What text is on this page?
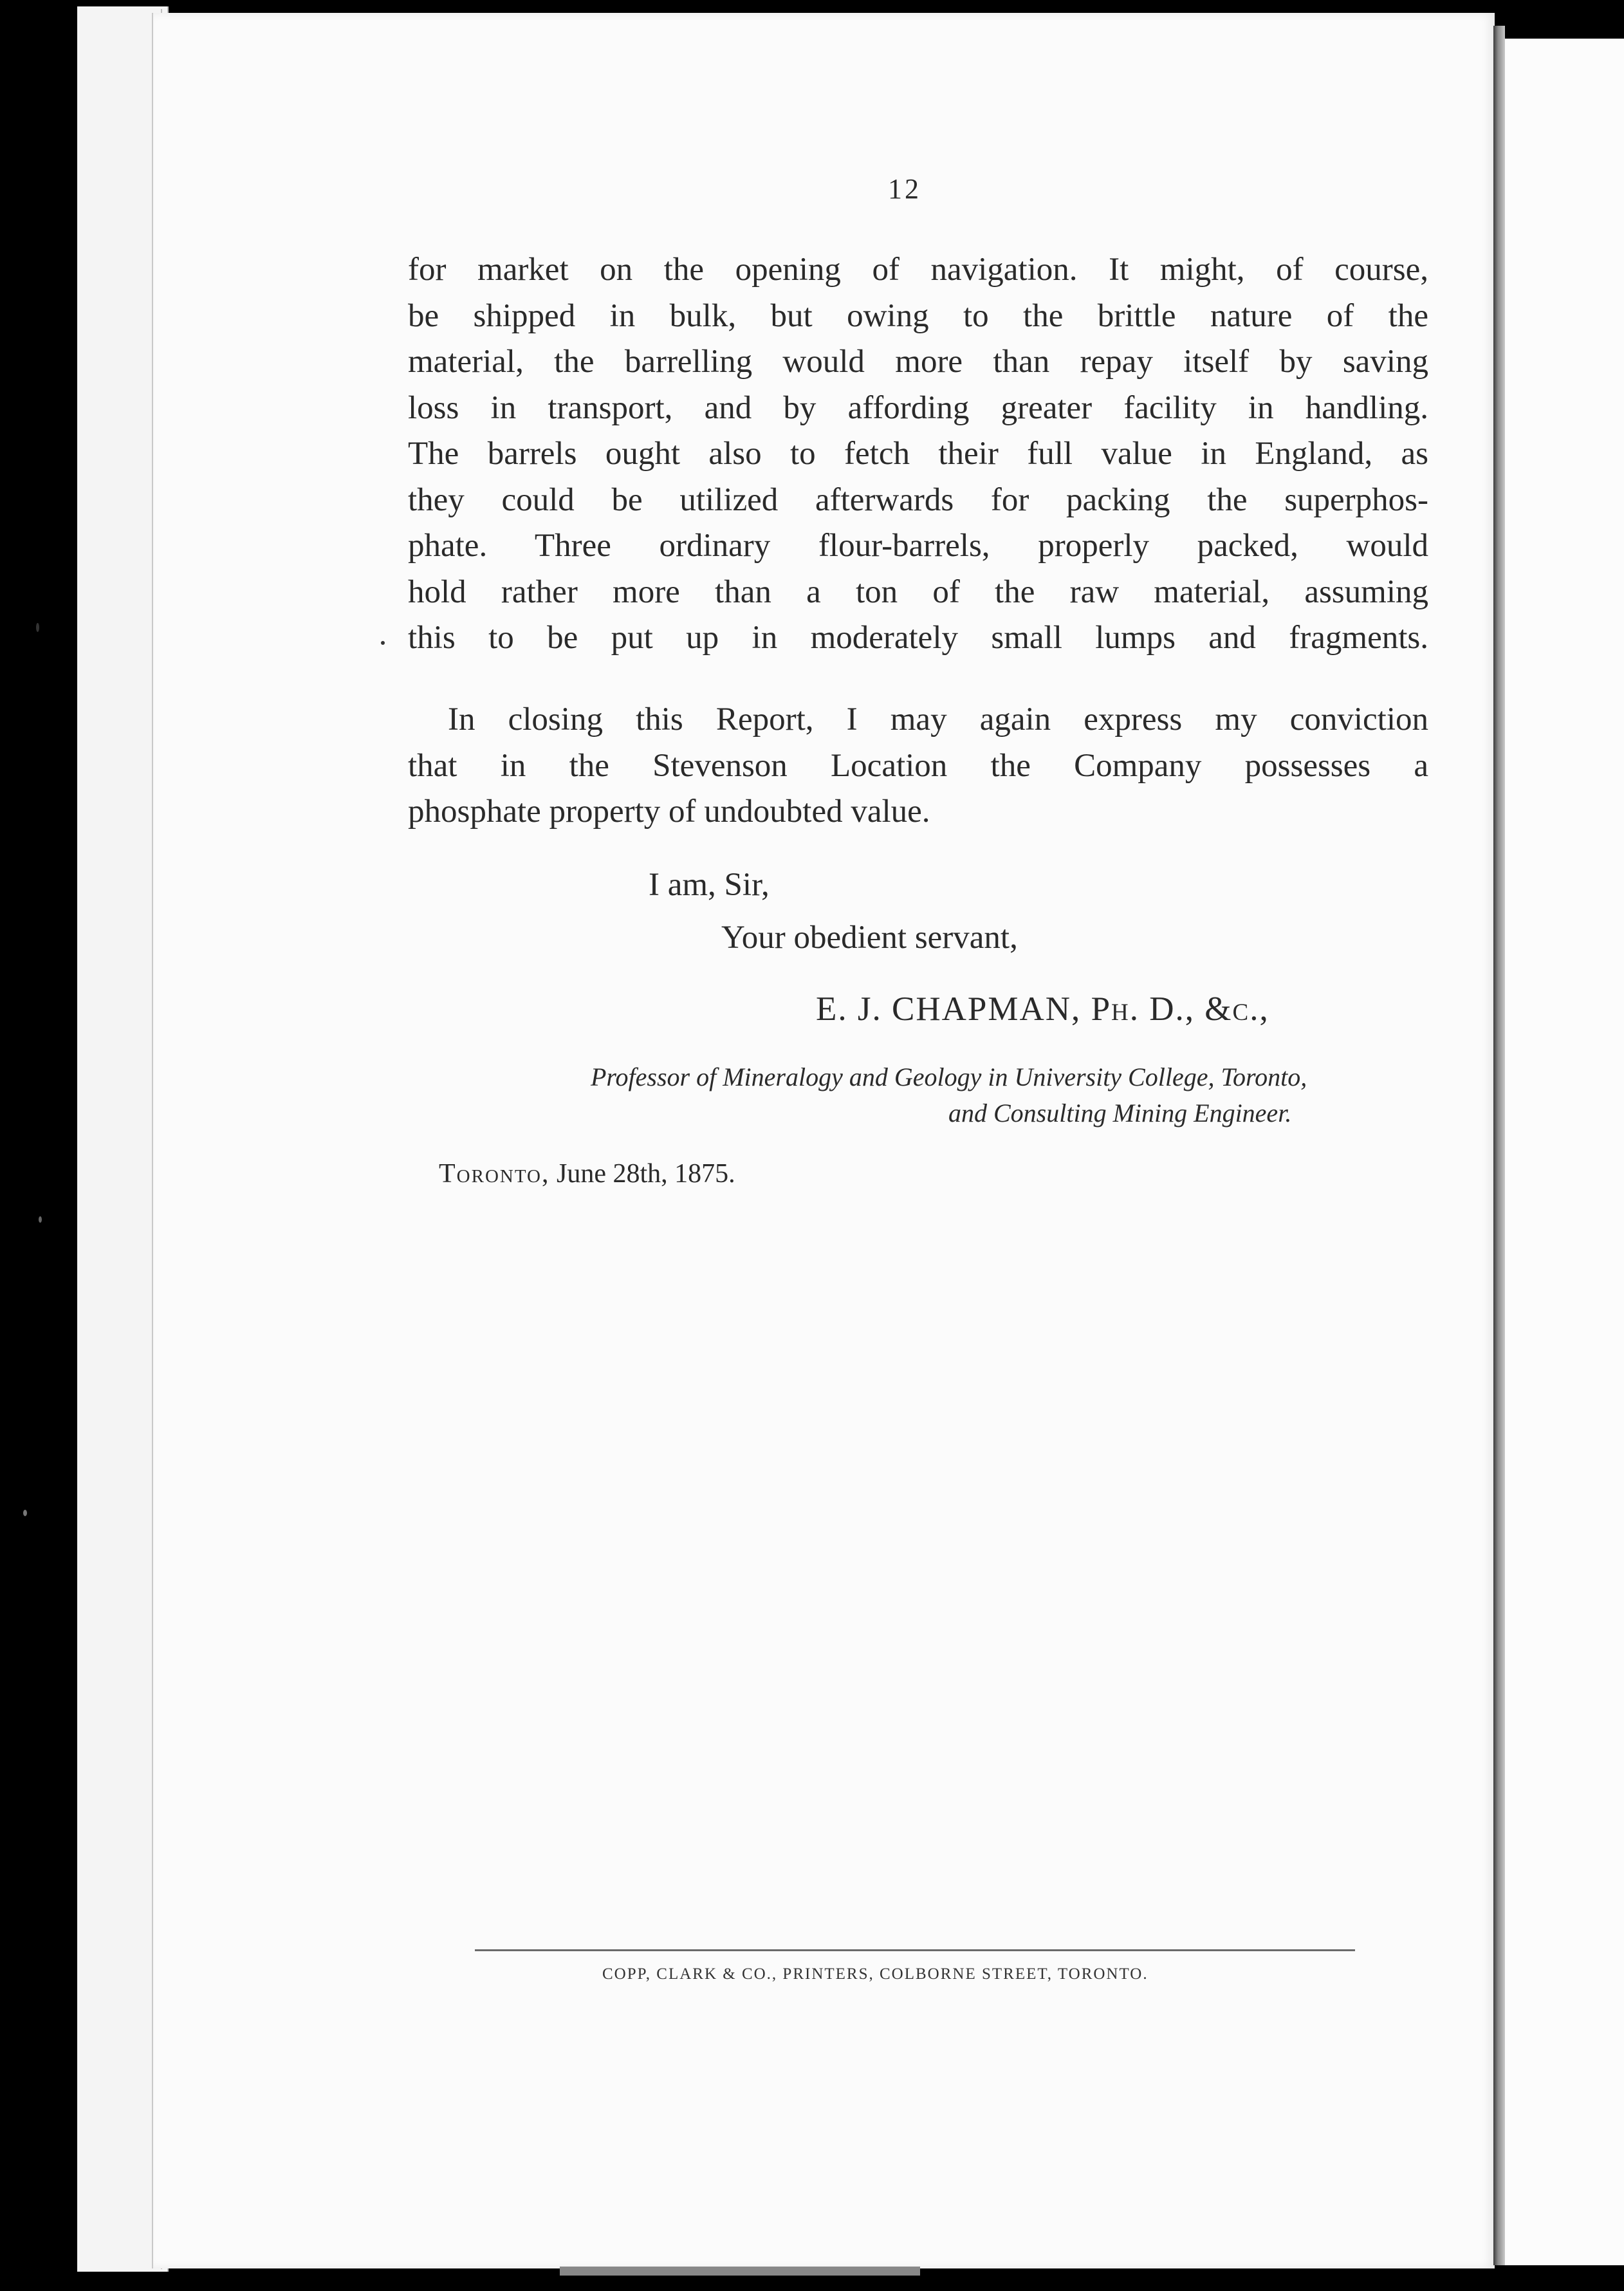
12
for market on the opening of navigation. It might, of course,
be shipped in bulk, but owing to the brittle nature of the
material, the barrelling would more than repay itself by saving
loss in transport, and by affording greater facility in handling.
The barrels ought also to fetch their full value in England, as
they could be utilized afterwards for packing the superphos-
phate. Three ordinary flour-barrels, properly packed, would
hold rather more than a ton of the raw material, assuming
this to be put up in moderately small lumps and fragments.
In closing this Report, I may again express my conviction
that in the Stevenson Location the Company possesses a
phosphate property of undoubted value.
I am, Sir,
Your obedient servant,
E. J. CHAPMAN, Ph. D., &c.,
Professor of Mineralogy and Geology in University College, Toronto,
and Consulting Mining Engineer.
Toronto, June 28th, 1875.
COPP, CLARK & CO., PRINTERS, COLBORNE STREET, TORONTO.
